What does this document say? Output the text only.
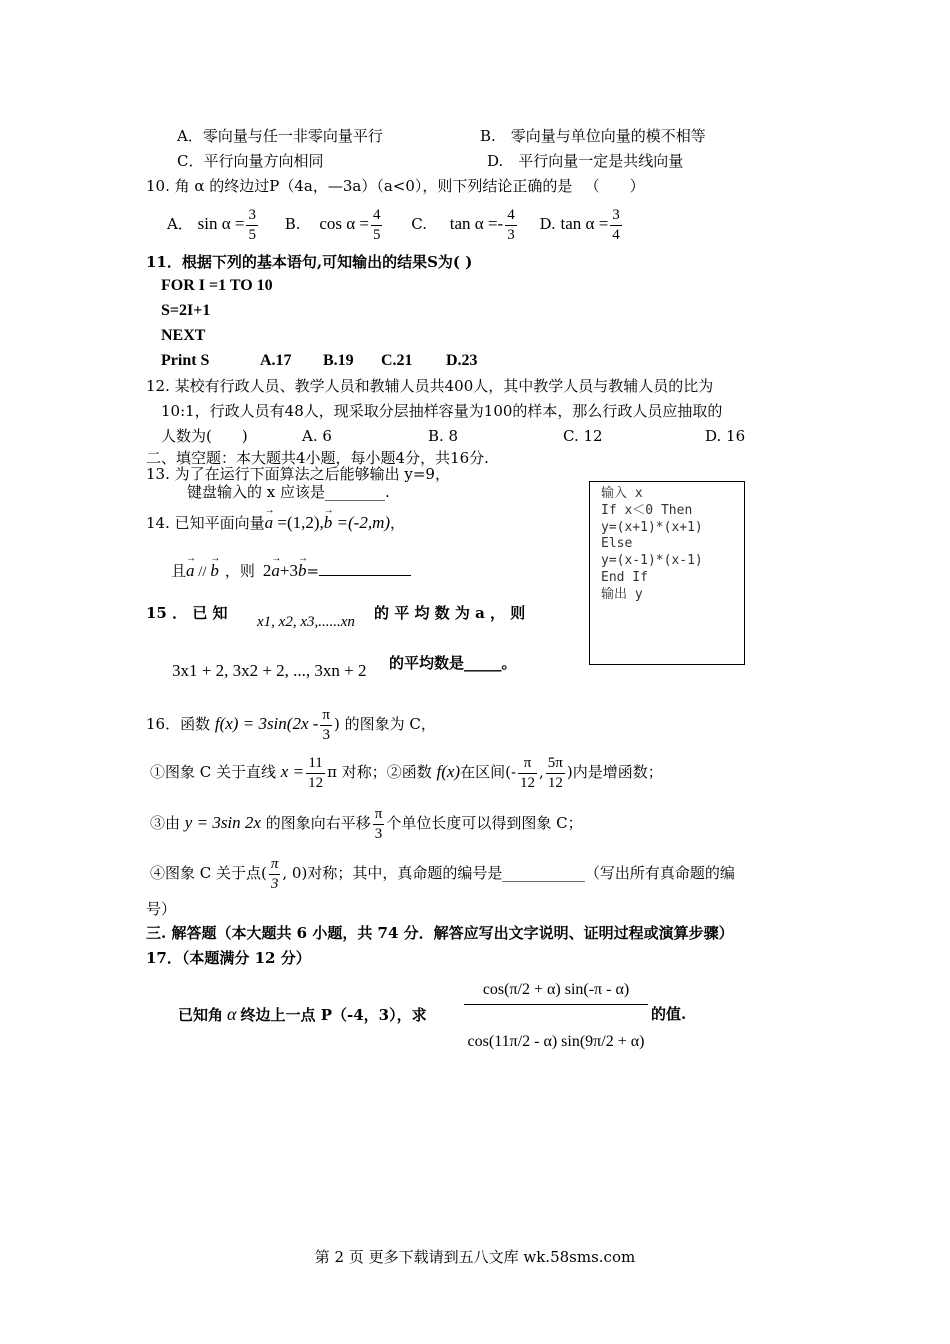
A．零向量与任一非零向量平行	B.　零向量与单位向量的模不相等
C．平行向量方向相同	D.　平行向量一定是共线向量
10. 角 α 的终边过P（4a，—3a）（a<0），则下列结论正确的是 　（　　）
A． $\sin \alpha = \frac{3}{5} B$. $\cos \alpha = \frac{4}{5} C$. $\tan \alpha =- \frac{4}{3} D$. $\tan \alpha = \frac{3}{4}$
11．根据下列的基本语句,可知输出的结果S为( )
FOR I =1 TO 10
S=2I+1
NEXT
Print S	A.17 B.19 C.21 D.23
12. 某校有行政人员、教学人员和教辅人员共400人，其中教学人员与教辅人员的比为
10:1，行政人员有48人，现采取分层抽样容量为100的样本，那么行政人员应抽取的
人数为(　　)	A. 6	B. 8	C. 12	D. 16
二、填空题：本大题共4小题，每小题4分，共16分.
13. 为了在运行下面算法之后能够输出 y=9，
键盘输入的 x 应该是________.	输入 x
If x＜0 Then
y=(x+1)*(x+1)
Else
y=(x-1)*(x-1)
End If
输出 y
14. 已知平面向量→ a =(1,2),→ b =(-2,m)，
且→ a // → b ，则 2→ a+3→ b=
15 ． 已 知 x1, x2, x3,......xn 的 平 均 数 为 a ， 则
3x1 + 2, 3x2 + 2, ..., 3xn + 2 的平均数是_____。
16．函数 $f(x) = 3\sin(2x - \frac{\pi}{3}$ ) 的图象为 C，
①图象 C 关于直线 $x = \frac{11}{12}$ π 对称；②函数 f(x)在区间(- $\frac{\pi}{12}$ , $\frac{5\pi}{12}$ )内是增函数；
③由 y = 3sin 2x 的图象向右平移 $\frac{\pi}{3}$ 个单位长度可以得到图象 C；
④图象 C 关于点( $\frac{\pi}{3}$ , 0)对称；其中，真命题的编号是___________（写出所有真命题的编
号）
三. 解答题（本大题共 6 小题，共 74 分．解答应写出文字说明、证明过程或演算步骤）
17．（本题满分 12 分）
已知角 α 终边上一点 P（-4，3），求
cos(π/2 + α) sin(-π - α)
cos(11π/2 - α) sin(9π/2 + α)
的值.
第 2 页 更多下载请到五八文库 wk.58sms.com
